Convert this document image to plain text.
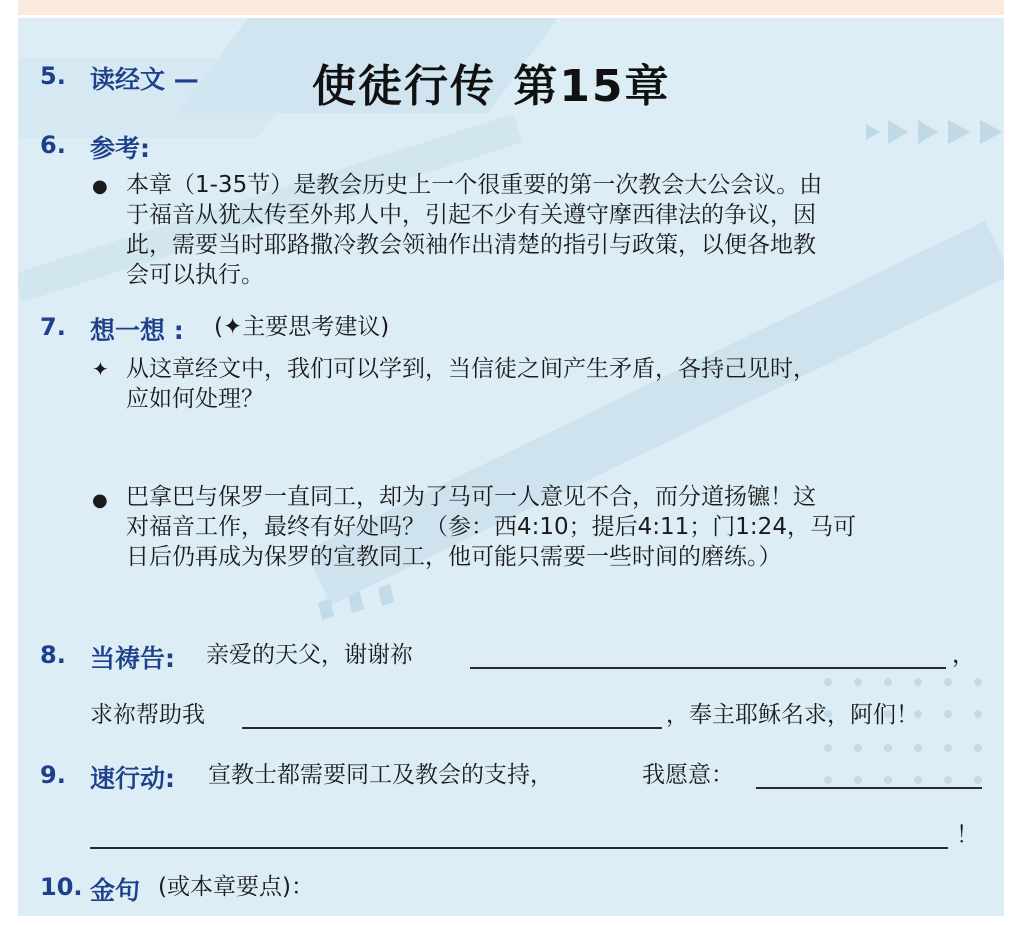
5. 读经文 —	使徒行传 第15章
6. 参考:
● 本章（1-35节）是教会历史上一个很重要的第一次教会大公会议。由
于福音从犹太传至外邦人中，引起不少有关遵守摩西律法的争议，因
此，需要当时耶路撒冷教会领袖作出清楚的指引与政策，以便各地教
会可以执行。
7. 想一想 : (✦主要思考建议)
✦ 从这章经文中，我们可以学到，当信徒之间产生矛盾，各持己见时，
应如何处理？
● 巴拿巴与保罗一直同工，却为了马可一人意见不合，而分道扬镳！这
对福音工作，最终有好处吗？（参：西4:10；提后4:11；门1:24，马可
日后仍再成为保罗的宣教同工，他可能只需要一些时间的磨练。）
8. 当祷告: 亲爱的天父，谢谢祢	，
求祢帮助我	，奉主耶稣名求，阿们！
9. 速行动: 宣教士都需要同工及教会的支持，	我愿意：
！
10. 金句 (或本章要点)：
